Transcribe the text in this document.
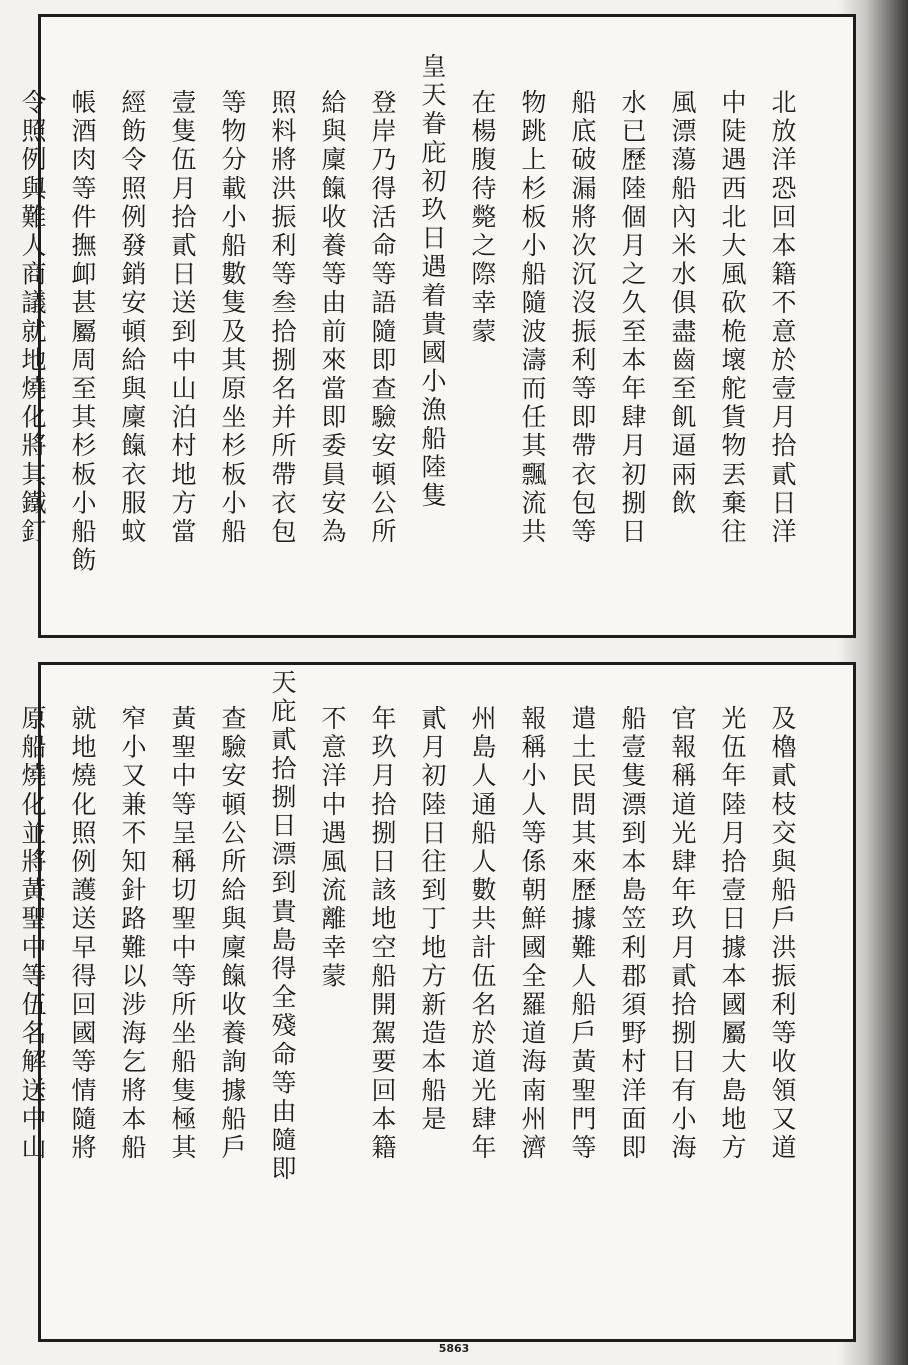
北放洋恐回本籍不意於壹月拾貳日洋
中陡遇西北大風砍桅壞舵貨物丟棄往
風漂蕩船內米水俱盡齒至飢逼兩飲
水已歷陸個月之久至本年肆月初捌日
船底破漏將次沉沒振利等即帶衣包等
物跳上杉板小船隨波濤而任其飄流共
在楊腹待斃之際幸蒙
皇天眷庇初玖日遇着貴國小漁船陸隻
登岸乃得活命等語隨即查驗安頓公所
給與廩餼收養等由前來當即委員安為
照料將洪振利等叁拾捌名并所帶衣包
等物分載小船數隻及其原坐杉板小船
壹隻伍月拾貳日送到中山泊村地方當
經飭令照例發銷安頓給與廩餼衣服蚊
帳酒肉等件撫卹甚屬周至其杉板小船飭
令照例與難人商議就地燒化將其鐵釘
及櫓貳枝交與船戶洪振利等收領又道
光伍年陸月拾壹日據本國屬大島地方
官報稱道光肆年玖月貳拾捌日有小海
船壹隻漂到本島笠利郡須野村洋面即
遣土民問其來歷據難人船戶黃聖門等
報稱小人等係朝鮮國全羅道海南州濟
州島人通船人數共計伍名於道光肆年
貳月初陸日往到丁地方新造本船是
年玖月拾捌日該地空船開駕要回本籍
不意洋中遇風流離幸蒙
天庇貳拾捌日漂到貴島得全殘命等由隨即
查驗安頓公所給與廩餼收養詢據船戶
黃聖中等呈稱切聖中等所坐船隻極其
窄小又兼不知針路難以涉海乞將本船
就地燒化照例護送早得回國等情隨將
原船燒化並將黃聖中等伍名解送中山
5863
